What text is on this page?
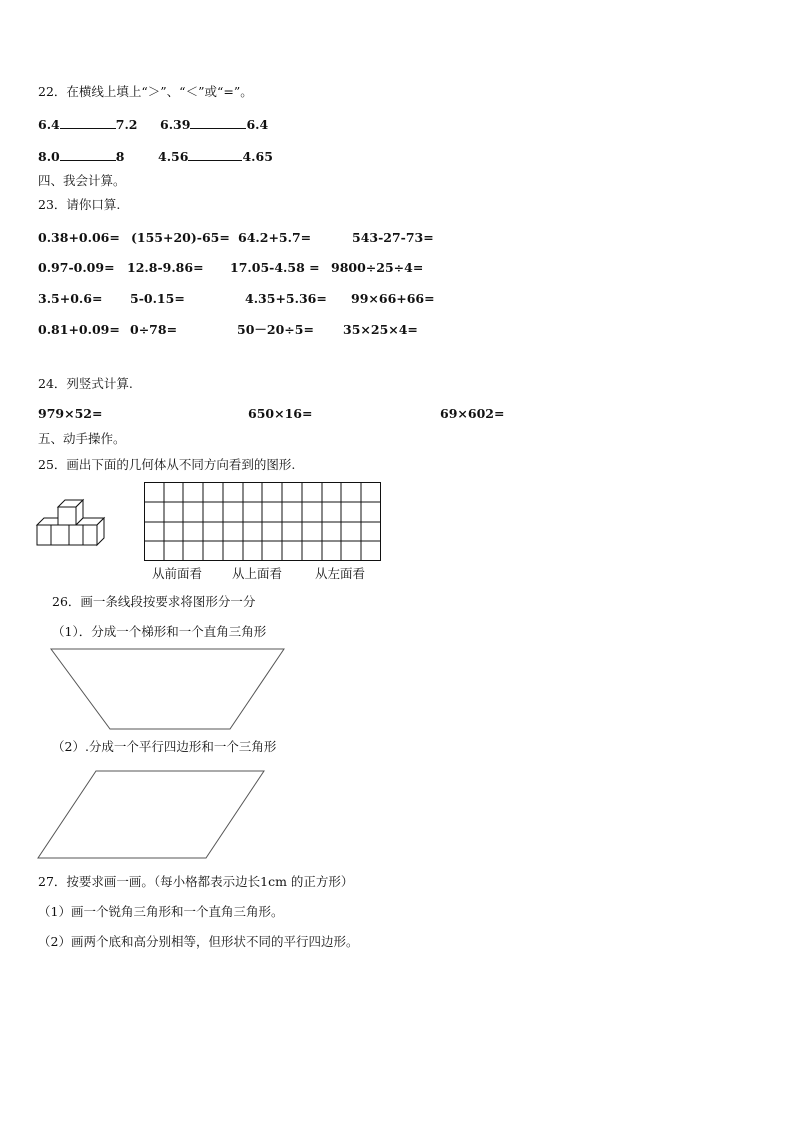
22．在横线上填上“＞”、“＜”或“=”。
6.4	7.2 6.39	6.4
8.0	8	4.56	4.65
四、我会计算。
23．请你口算.
0.38+0.06= (155+20)-65= 64.2+5.7=	543-27-73=
0.97-0.09= 12.8-9.86= 17.05-4.58 = 9800÷25÷4=
3.5+0.6= 5-0.15=	4.35+5.36= 99×66+66=
0.81+0.09= 0÷78=	50－20÷5= 35×25×4=
24．列竖式计算.
979×52=	650×16=	69×602=
五、动手操作。
25．画出下面的几何体从不同方向看到的图形.
从前面看 从上面看	从左面看
26．画一条线段按要求将图形分一分
（1）．分成一个梯形和一个直角三角形
（2）.分成一个平行四边形和一个三角形
27．按要求画一画。（每小格都表示边长1cm 的正方形）
（1）画一个锐角三角形和一个直角三角形。
（2）画两个底和高分别相等，但形状不同的平行四边形。
